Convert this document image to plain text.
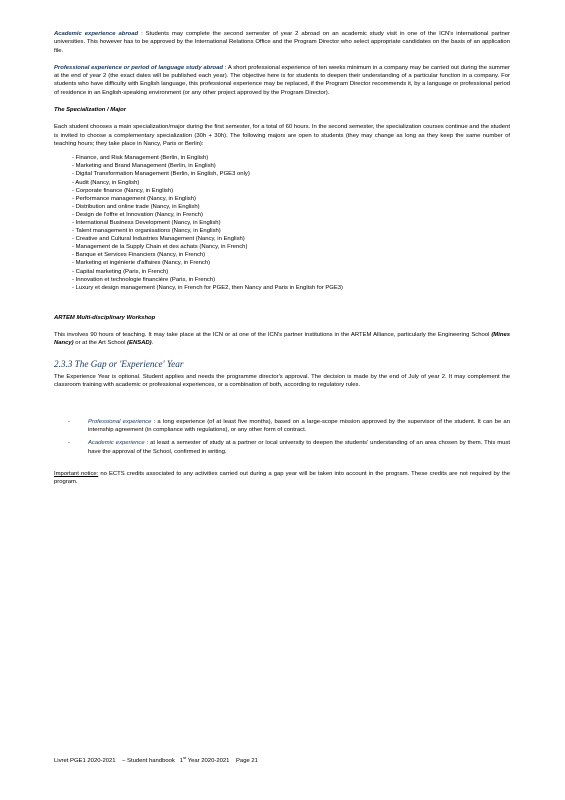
Academic experience abroad : Students may complete the second semester of year 2 abroad on an academic study visit in one of the ICN's international partner universities. This however has to be approved by the International Relations Office and the Program Director who select appropriate candidates on the basis of an application file.

Professional experience or period of language study abroad : A short professional experience of ten weeks minimum in a company may be carried out during the summer at the end of year 2 (the exact dates will be published each year). The objective here is for students to deepen their understanding of a particular function in a company. For students who have difficulty with English language, this professional experience may be replaced, if the Program Director recommends it, by a language or professional period of residence in an English-speaking environment (or any other project approved by the Program Director).

The Specialization / Major

Each student chooses a main specialization/major during the first semester, for a total of 60 hours. In the second semester, the specialization courses continue and the student is invited to choose a complementary specialization (30h + 30h). The following majors are open to students (they may change as long as they keep the same number of teaching hours; they take place in Nancy, Paris or Berlin):

- Finance, and Risk Management (Berlin, in English)
- Marketing and Brand Management (Berlin, in English)
- Digital Transformation Management (Berlin, in English, PGE3 only)
- Audit (Nancy, in English)
- Corporate finance (Nancy, in English)
- Performance management (Nancy, in English)
- Distribution and online trade (Nancy, in English)
- Design de l'offre et Innovation (Nancy, in French)
- International Business Development (Nancy, in English)
- Talent management in organisations (Nancy, in English)
- Creative and Cultural Industries Management (Nancy, in English)
- Management de la Supply Chain et des achats (Nancy, in French)
- Banque et Services Financiers (Nancy, in French)
- Marketing et ingénierie d'affaires (Nancy, in French)
- Capital marketing (Paris, in French)
- Innovation et technologie financière (Paris, in French)
- Luxury et design management (Nancy, in French for PGE2, then Nancy and Paris in English for PGE3)

ARTEM Multi-disciplinary Workshop

This involves 90 hours of teaching. It may take place at the ICN or at one of the ICN's partner institutions in the ARTEM Alliance, particularly the Engineering School (Mines Nancy) or at the Art School (ENSAD).

2.3.3 The Gap or 'Experience' Year

The Experience Year is optional. Student applies and needs the programme director's approval. The decision is made by the end of July of year 2. It may complement the classroom training with academic or professional experiences, or a combination of both, according to regulatory rules.

-	Professional experience : a long experience (of at least five months), based on a large-scope mission approved by the supervisor of the student. It can be an internship agreement (in compliance with regulations), or any other form of contract.
-	Academic experience : at least a semester of study at a partner or local university to deepen the students' understanding of an area chosen by them. This must have the approval of the School, confirmed in writing.

Important notice: no ECTS credits associated to any activities carried out during a gap year will be taken into account in the program. These credits are not required by the program.

Livret PGE1 2020-2021 – Student handbook 1st Year 2020-2021 Page 21
